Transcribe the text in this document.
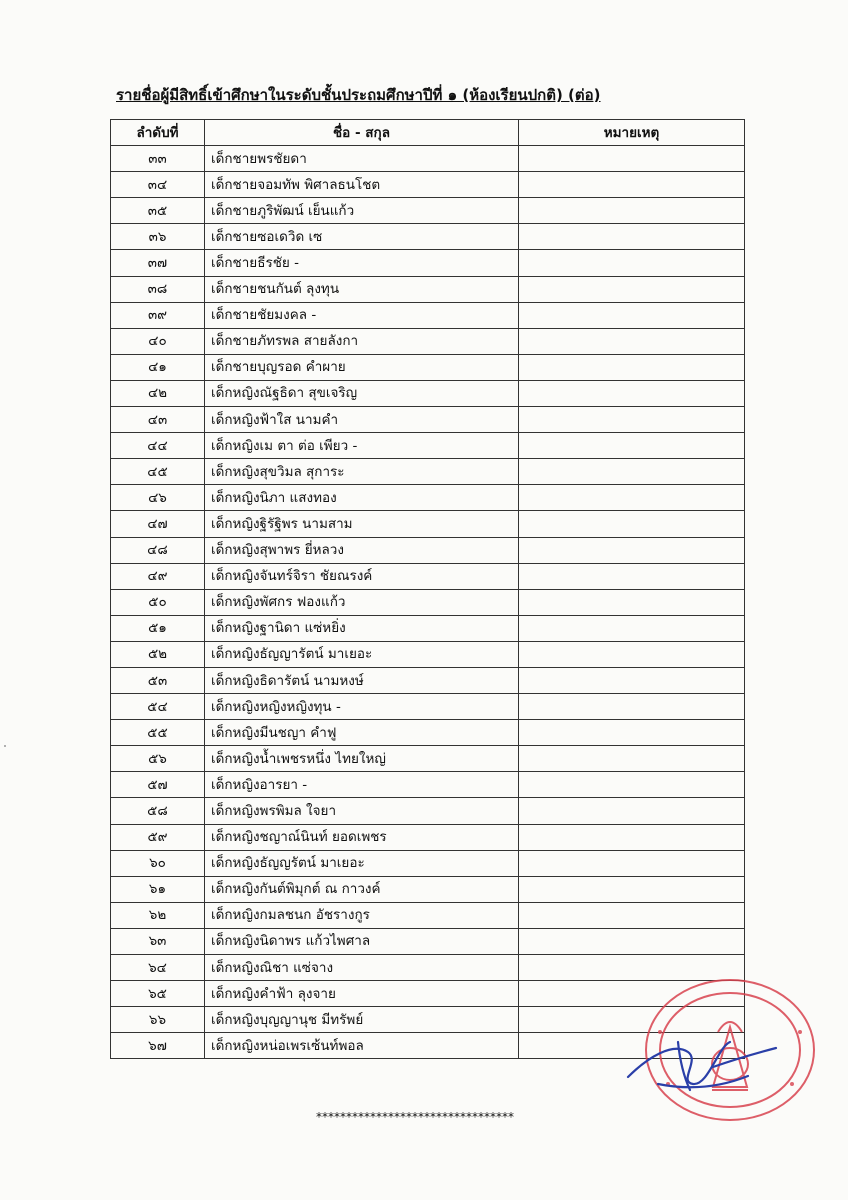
รายชื่อผู้มีสิทธิ์เข้าศึกษาในระดับชั้นประถมศึกษาปีที่ ๑ (ห้องเรียนปกติ) (ต่อ)
ลำดับที่	ชื่อ - สกุล	หมายเหตุ
๓๓	เด็กชายพรชัยดา	
๓๔	เด็กชายจอมทัพ พิศาลธนโชต	
๓๕	เด็กชายภูริพัฒน์ เย็นแก้ว	
๓๖	เด็กชายซอเดวิด เซ	
๓๗	เด็กชายธีรชัย -	
๓๘	เด็กชายชนกันต์ ลุงทุน	
๓๙	เด็กชายชัยมงคล -	
๔๐	เด็กชายภัทรพล สายลังกา	
๔๑	เด็กชายบุญรอด คำผาย	
๔๒	เด็กหญิงณัฐธิดา สุขเจริญ	
๔๓	เด็กหญิงฟ้าใส นามคำ	
๔๔	เด็กหญิงเม ตา ต่อ เพียว -	
๔๕	เด็กหญิงสุขวิมล สุการะ	
๔๖	เด็กหญิงนิภา แสงทอง	
๔๗	เด็กหญิงฐิรัฐิพร นามสาม	
๔๘	เด็กหญิงสุพาพร ยี่หลวง	
๔๙	เด็กหญิงจันทร์จิรา ชัยณรงค์	
๕๐	เด็กหญิงพัศกร ฟองแก้ว	
๕๑	เด็กหญิงฐานิดา แซ่หยิ่ง	
๕๒	เด็กหญิงธัญญารัตน์ มาเยอะ	
๕๓	เด็กหญิงธิดารัตน์ นามหงษ์	
๕๔	เด็กหญิงหญิงหญิงทุน -	
๕๕	เด็กหญิงมีนชญา คำฟู	
๕๖	เด็กหญิงน้ำเพชรหนึ่ง ไทยใหญ่	
๕๗	เด็กหญิงอารยา -	
๕๘	เด็กหญิงพรพิมล ใจยา	
๕๙	เด็กหญิงชญาณ์นินท์ ยอดเพชร	
๖๐	เด็กหญิงธัญญรัตน์ มาเยอะ	
๖๑	เด็กหญิงกันต์พิมุกต์ ณ กาวงค์	
๖๒	เด็กหญิงกมลชนก อัชรางกูร	
๖๓	เด็กหญิงนิดาพร แก้วไพศาล	
๖๔	เด็กหญิงณิชา แซ่จาง	
๖๕	เด็กหญิงคำฟ้า ลุงจาย	
๖๖	เด็กหญิงบุญญานุช มีทรัพย์	
๖๗	เด็กหญิงหน่อเพรเซ้นท์พอล	
*********************************
